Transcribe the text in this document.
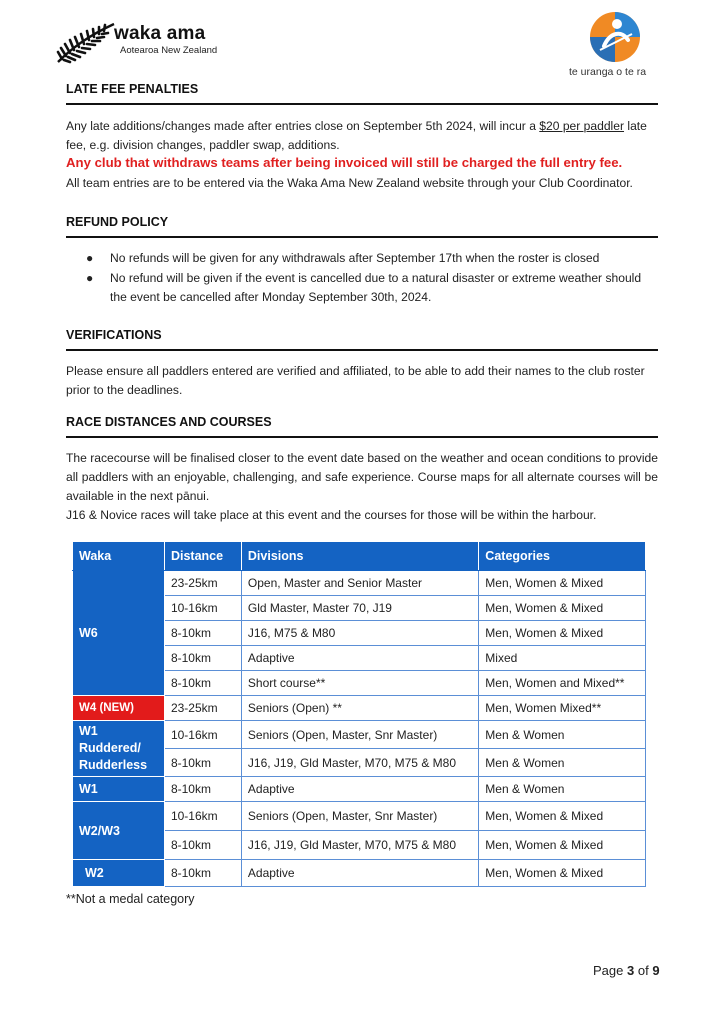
waka ama
Aotearoa New Zealand
te uranga o te ra
LATE FEE PENALTIES
Any late additions/changes made after entries close on September 5th 2024, will incur a $20 per paddler late fee, e.g. division changes, paddler swap, additions.
Any club that withdraws teams after being invoiced will still be charged the full entry fee.
All team entries are to be entered via the Waka Ama New Zealand website through your Club Coordinator.
REFUND POLICY
● No refunds will be given for any withdrawals after September 17th when the roster is closed
● No refund will be given if the event is cancelled due to a natural disaster or extreme weather should the event be cancelled after Monday September 30th, 2024.
VERIFICATIONS
Please ensure all paddlers entered are verified and affiliated, to be able to add their names to the club roster prior to the deadlines.
RACE DISTANCES AND COURSES
The racecourse will be finalised closer to the event date based on the weather and ocean conditions to provide all paddlers with an enjoyable, challenging, and safe experience. Course maps for all alternate courses will be available in the next pānui.
J16 & Novice races will take place at this event and the courses for those will be within the harbour.
Waka	Distance	Divisions	Categories
W6	23-25km	Open, Master and Senior Master	Men, Women & Mixed
	10-16km	Gld Master, Master 70, J19	Men, Women & Mixed
	8-10km	J16, M75 & M80	Men, Women & Mixed
	8-10km	Adaptive	Mixed
	8-10km	Short course**	Men, Women and Mixed**
W4 (NEW)	23-25km	Seniors (Open) **	Men, Women Mixed**
W1 Ruddered/ Rudderless	10-16km	Seniors (Open, Master, Snr Master)	Men & Women
	8-10km	J16, J19, Gld Master, M70, M75 & M80	Men & Women
W1	8-10km	Adaptive	Men & Women
W2/W3	10-16km	Seniors (Open, Master, Snr Master)	Men, Women & Mixed
	8-10km	J16, J19, Gld Master, M70, M75 & M80	Men, Women & Mixed
W2	8-10km	Adaptive	Men, Women & Mixed
**Not a medal category
Page 3 of 9
